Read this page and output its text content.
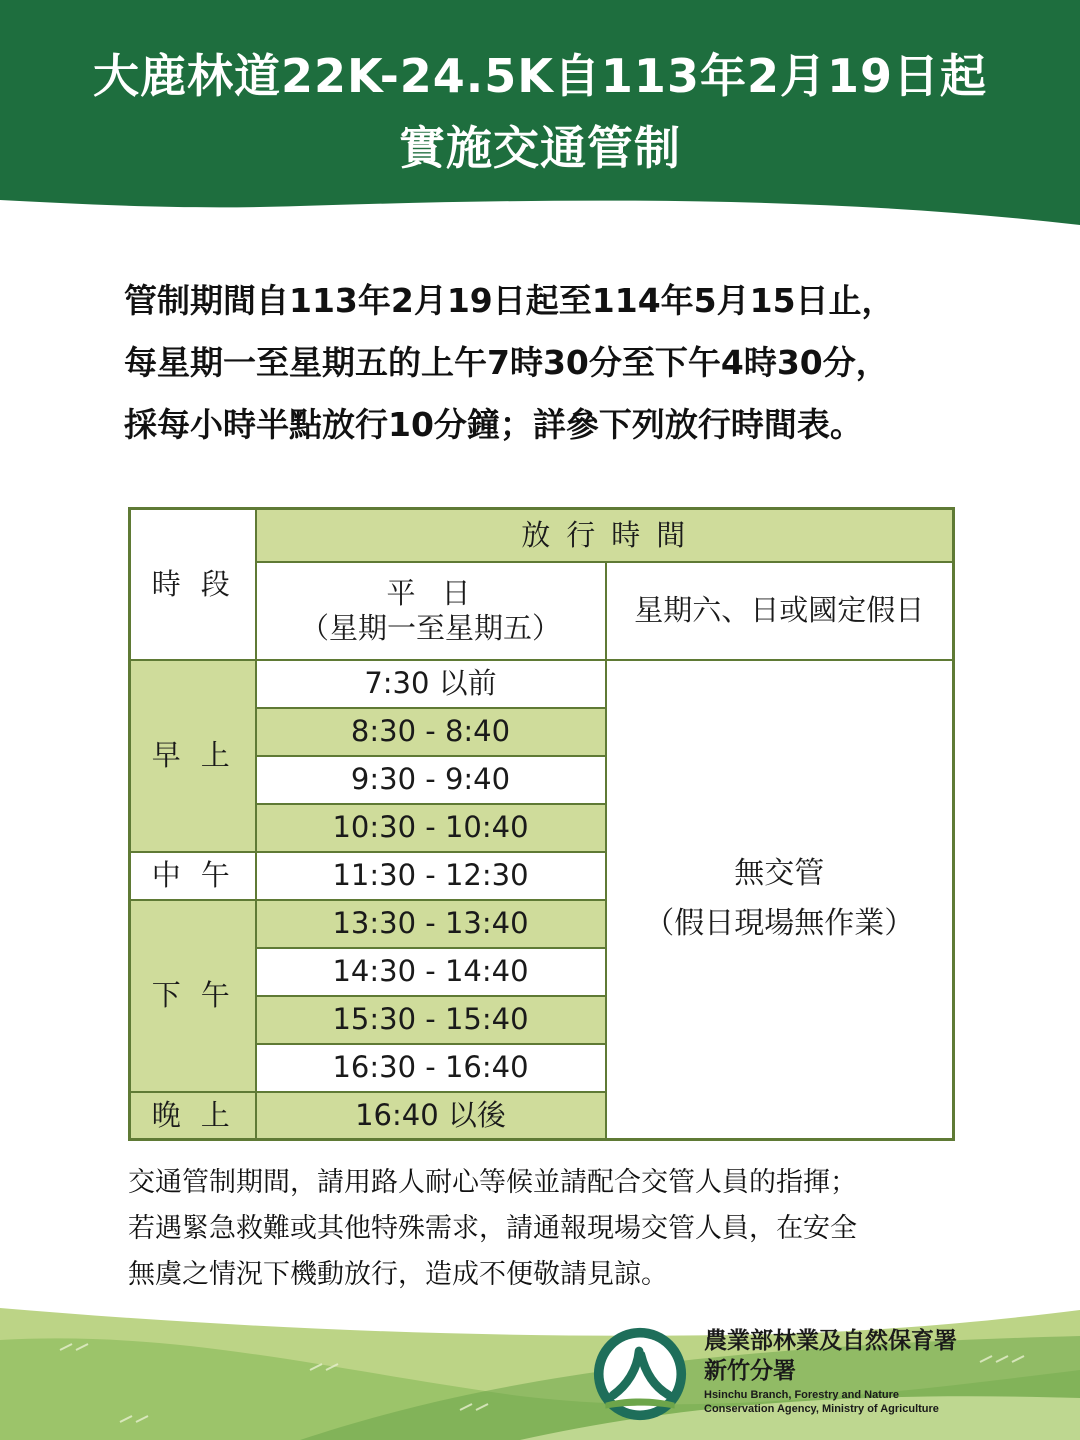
大鹿林道22K-24.5K自113年2月19日起
實施交通管制
管制期間自113年2月19日起至114年5月15日止，
每星期一至星期五的上午7時30分至下午4時30分，
採每小時半點放行10分鐘；詳參下列放行時間表。
時段	放行時間	

	平日
（星期一至星期五）	星期六、日或國定假日
早上	7:30 以前	無交管
（假日現場無作業）

	8:30 - 8:40	
	9:30 - 9:40	
	10:30 - 10:40	
中午	11:30 - 12:30	
下午	13:30 - 13:40	
	14:30 - 14:40	
	15:30 - 15:40	
	16:30 - 16:40	
晚上	16:40 以後	
交通管制期間，請用路人耐心等候並請配合交管人員的指揮；
若遇緊急救難或其他特殊需求，請通報現場交管人員，在安全
無虞之情況下機動放行，造成不便敬請見諒。
農業部林業及自然保育署
新竹分署
Hsinchu Branch, Forestry and Nature
Conservation Agency, Ministry of Agriculture
